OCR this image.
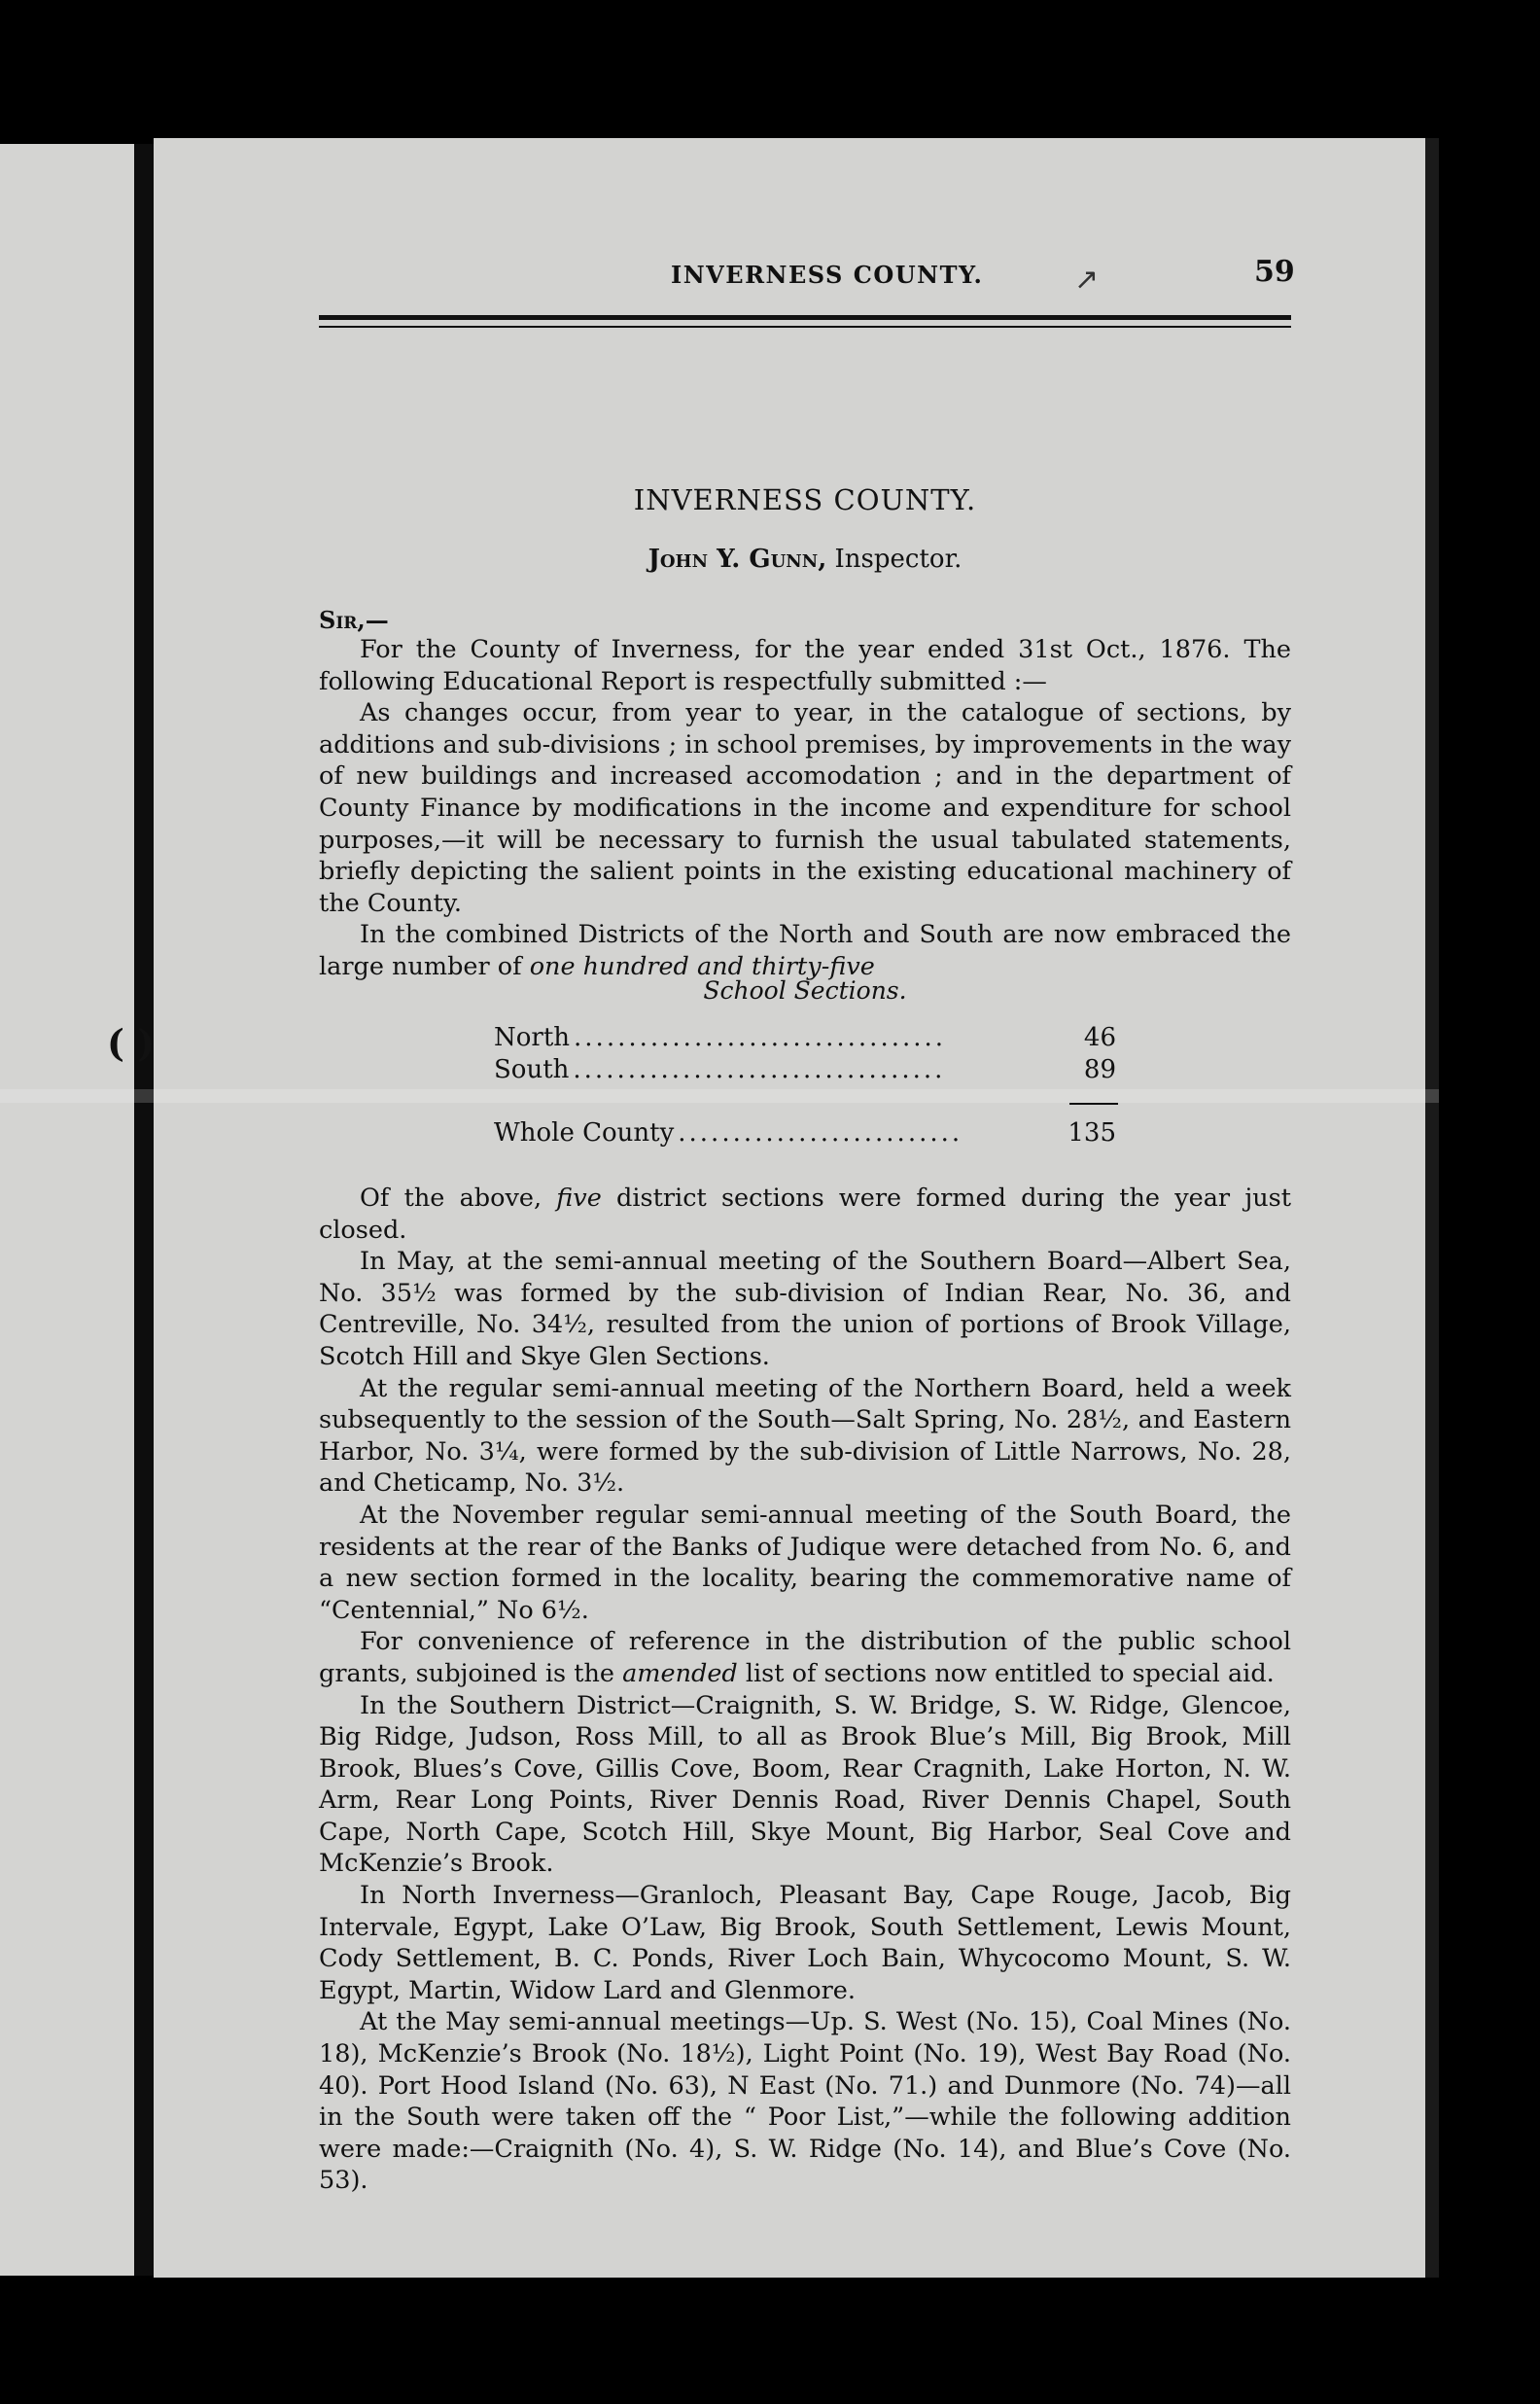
( )
INVERNESS COUNTY.	↗	59
INVERNESS COUNTY.
John Y. Gunn, Inspector.
Sir,—

For the County of Inverness, for the year ended 31st Oct., 1876. The following Educational Report is respectfully submitted :—

As changes occur, from year to year, in the catalogue of sections, by additions and sub-divisions ; in school premises, by improvements in the way of new buildings and increased accomodation ; and in the department of County Finance by modifications in the income and expenditure for school purposes,—it will be necessary to furnish the usual tabulated statements, briefly depicting the salient points in the existing educational machinery of the County.

In the combined Districts of the North and South are now embraced the large number of one hundred and thirty-five

School Sections.
North ..................................	46
South ..................................	89
Whole County ..........................	135

Of the above, five district sections were formed during the year just closed.

In May, at the semi-annual meeting of the Southern Board—Albert Sea, No. 35½ was formed by the sub-division of Indian Rear, No. 36, and Centreville, No. 34½, resulted from the union of portions of Brook Village, Scotch Hill and Skye Glen Sections.

At the regular semi-annual meeting of the Northern Board, held a week subsequently to the session of the South—Salt Spring, No. 28½, and Eastern Harbor, No. 3¼, were formed by the sub-division of Little Narrows, No. 28, and Cheticamp, No. 3½.

At the November regular semi-annual meeting of the South Board, the residents at the rear of the Banks of Judique were detached from No. 6, and a new section formed in the locality, bearing the commemorative name of “Centennial,” No 6½.

For convenience of reference in the distribution of the public school grants, subjoined is the amended list of sections now entitled to special aid.

In the Southern District—Craignith, S. W. Bridge, S. W. Ridge, Glencoe, Big Ridge, Judson, Ross Mill, to all as Brook Blue’s Mill, Big Brook, Mill Brook, Blues’s Cove, Gillis Cove, Boom, Rear Cragnith, Lake Horton, N. W. Arm, Rear Long Points, River Dennis Road, River Dennis Chapel, South Cape, North Cape, Scotch Hill, Skye Mount, Big Harbor, Seal Cove and McKenzie’s Brook.

In North Inverness—Granloch, Pleasant Bay, Cape Rouge, Jacob, Big Intervale, Egypt, Lake O’Law, Big Brook, South Settlement, Lewis Mount, Cody Settlement, B. C. Ponds, River Loch Bain, Whycocomo Mount, S. W. Egypt, Martin, Widow Lard and Glenmore.

At the May semi-annual meetings—Up. S. West (No. 15), Coal Mines (No. 18), McKenzie’s Brook (No. 18½), Light Point (No. 19), West Bay Road (No. 40). Port Hood Island (No. 63), N East (No. 71.) and Dunmore (No. 74)—all in the South were taken off the “ Poor List,”—while the following addition were made:—Craignith (No. 4), S. W. Ridge (No. 14), and Blue’s Cove (No. 53).
